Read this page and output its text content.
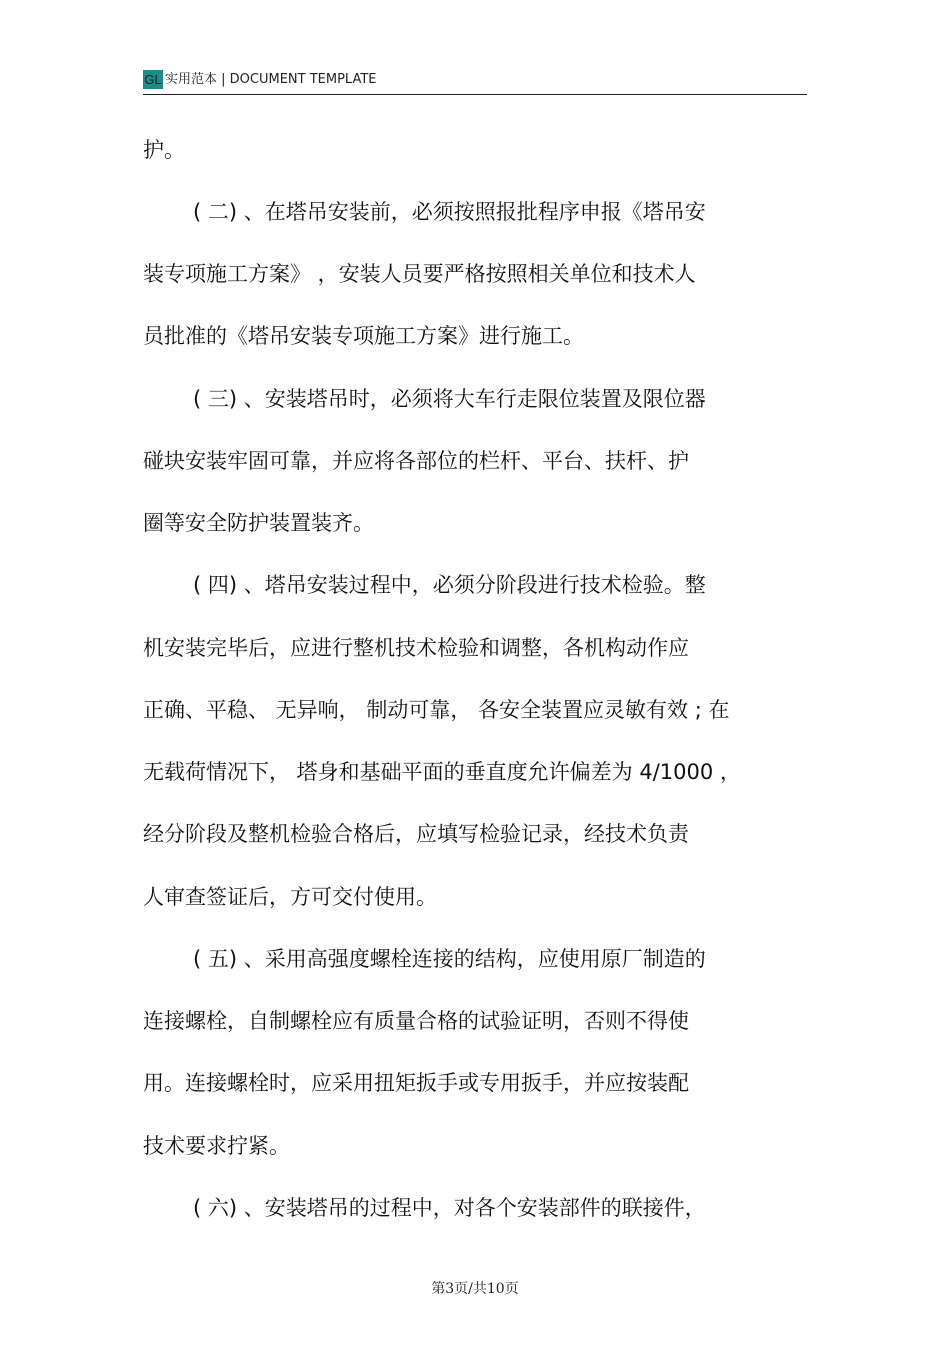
GL 实用范本 | DOCUMENT TEMPLATE
护。
( 二) 、在塔吊安装前，必须按照报批程序申报《塔吊安
装专项施工方案》 ，安装人员要严格按照相关单位和技术人
员批准的《塔吊安装专项施工方案》进行施工。
( 三) 、安装塔吊时，必须将大车行走限位装置及限位器
碰块安装牢固可靠，并应将各部位的栏杆、平台、扶杆、护
圈等安全防护装置装齐。
( 四) 、塔吊安装过程中，必须分阶段进行技术检验。整
机安装完毕后，应进行整机技术检验和调整，各机构动作应
正确、平稳、 无异响， 制动可靠， 各安全装置应灵敏有效 ; 在
无载荷情况下， 塔身和基础平面的垂直度允许偏差为 4/1000 ，
经分阶段及整机检验合格后，应填写检验记录，经技术负责
人审查签证后，方可交付使用。
( 五) 、采用高强度螺栓连接的结构，应使用原厂制造的
连接螺栓，自制螺栓应有质量合格的试验证明，否则不得使
用。连接螺栓时，应采用扭矩扳手或专用扳手，并应按装配
技术要求拧紧。
( 六) 、安装塔吊的过程中，对各个安装部件的联接件，
第3页/共10页
